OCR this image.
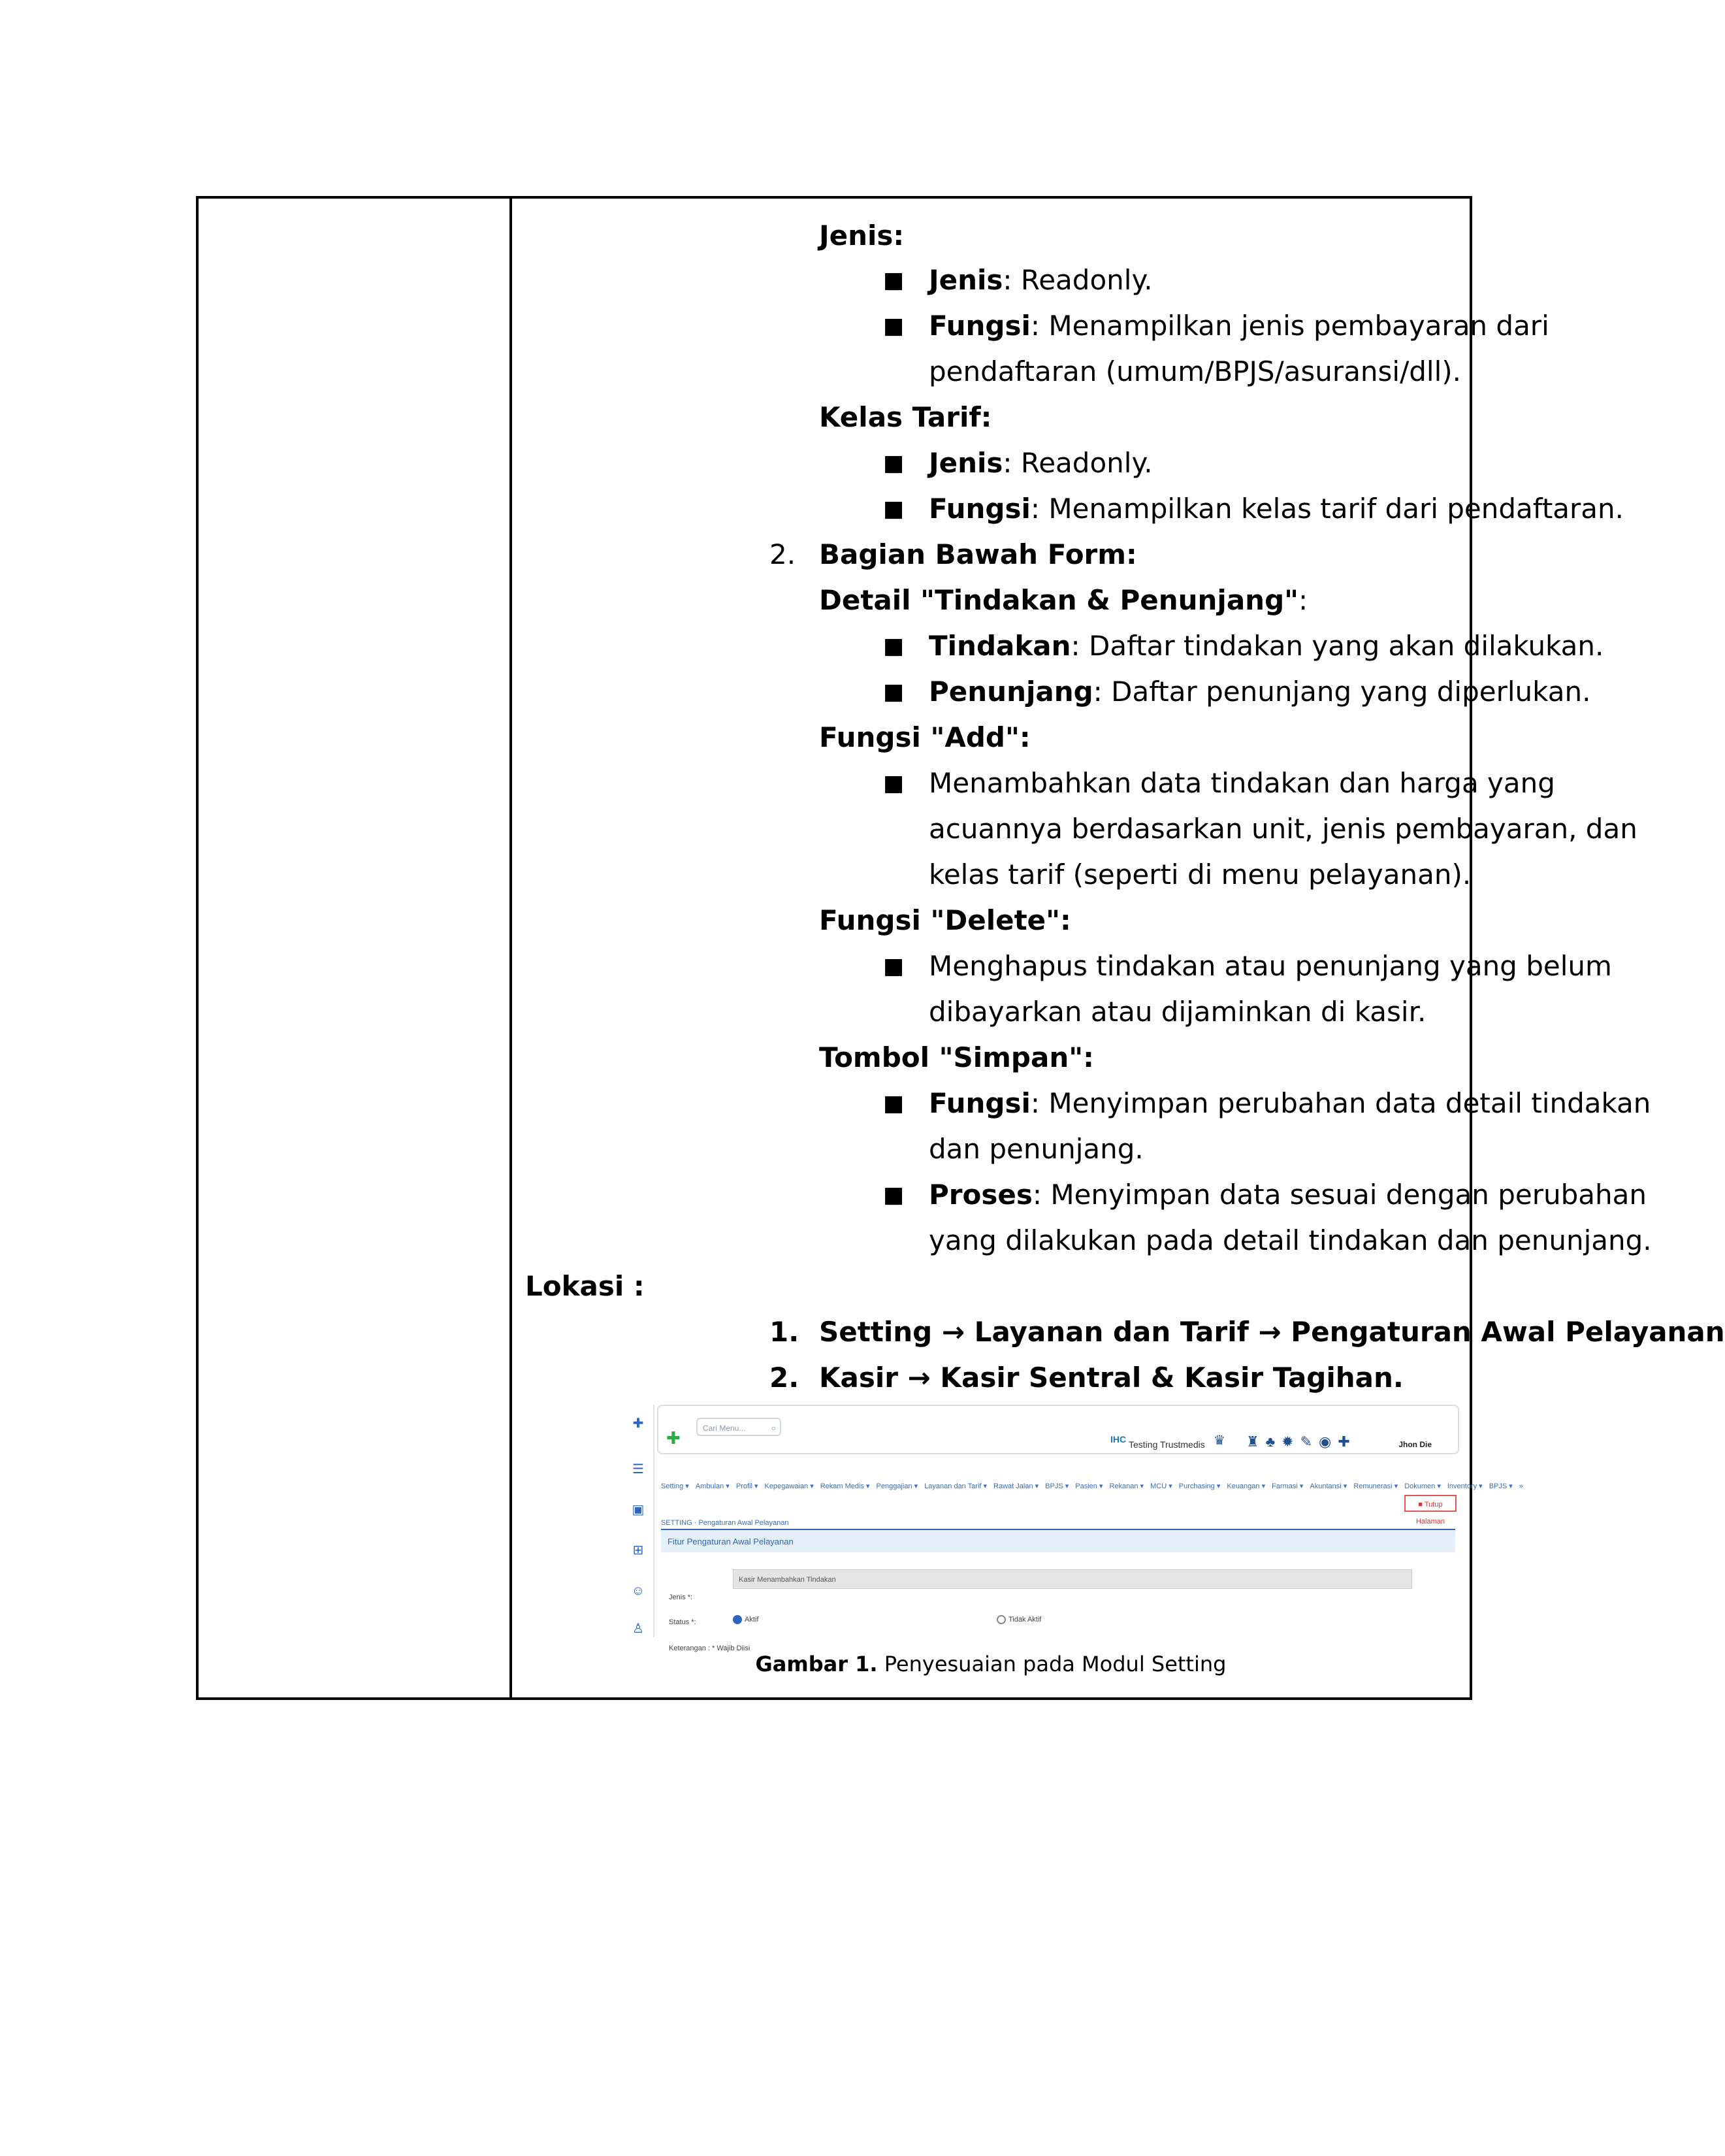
Jenis:
■ Jenis: Readonly.
■ Fungsi: Menampilkan jenis pembayaran dari
pendaftaran (umum/BPJS/asuransi/dll).
Kelas Tarif:
■ Jenis: Readonly.
■ Fungsi: Menampilkan kelas tarif dari pendaftaran.
2. Bagian Bawah Form:
Detail "Tindakan & Penunjang":
■ Tindakan: Daftar tindakan yang akan dilakukan.
■ Penunjang: Daftar penunjang yang diperlukan.
Fungsi "Add":
■ Menambahkan data tindakan dan harga yang
acuannya berdasarkan unit, jenis pembayaran, dan
kelas tarif (seperti di menu pelayanan).
Fungsi "Delete":
■ Menghapus tindakan atau penunjang yang belum
dibayarkan atau dijaminkan di kasir.
Tombol "Simpan":
■ Fungsi: Menyimpan perubahan data detail tindakan
dan penunjang.
■ Proses: Menyimpan data sesuai dengan perubahan
yang dilakukan pada detail tindakan dan penunjang.
Lokasi :
1. Setting → Layanan dan Tarif → Pengaturan Awal Pelayanan
2. Kasir → Kasir Sentral & Kasir Tagihan.
✚
☰
▣
⊞
☺
♙
✚	Cari Menu...	○
IHC Testing Trustmedis ♛ ♜♣✹✎◉✚	Jhon Die
Setting ▾ Ambulan ▾ Profil ▾ Kepegawaian ▾ Rekam Medis ▾ Penggajian ▾ Layanan dan Tarif ▾ Rawat Jalan ▾ BPJS ▾ Pasien ▾ Rekanan ▾ MCU ▾ Purchasing ▾ Keuangan ▾ Farmasi ▾ Akuntansi ▾ Remunerasi ▾ Dokumen ▾ Inventory ▾ BPJS ▾ »
SETTING · Pengaturan Awal Pelayanan
■ Tutup Halaman
Fitur Pengaturan Awal Pelayanan
Jenis *:
Kasir Menambahkan Tindakan
Status *:	Aktif	Tidak Aktif
Keterangan : * Wajib Diisi
Gambar 1. Penyesuaian pada Modul Setting
